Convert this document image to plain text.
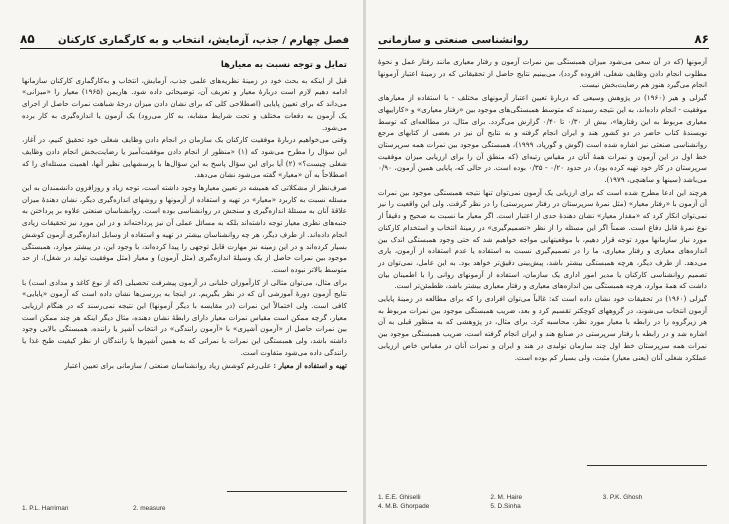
۸۵ فصل چهارم / جذب، آزمایش، انتخاب و به کارگماری کارکنان
تمایل و توجه نسبت به معیارها

قبل از اینکه به بحث خود در زمینهٔ نظریه‌های علمی جذب، آزمایش، انتخاب و به‌کارگماری کارکنان سازمانها ادامه دهیم لازم است دربارهٔ معیار و تعریف آن، توضیحاتی داده شود. هاریمن (۱۹۶۵) معیار را «میزانی» می‌داند که برای تعیین پایایی (اصطلاحی کلی که برای نشان دادن میزان درجهٔ شباهت نمرات حاصل از اجرای یک آزمون به دفعات مختلف و تحت شرایط مشابه، به کار می‌رود) یک آزمون یا اندازه‌گیری به کار برده می‌شود.

وقتی می‌خواهیم دربارهٔ موفقیت کارکنان یک سازمان در انجام دادن وظایف شغلی خود تحقیق کنیم، در آغاز، این سؤال را مطرح می‌شود که (۱) «منظور از انجام دادن موفقیت‌آمیز یا رضایت‌بخش انجام دادن وظایف شغلی چیست؟» (۲) آیا برای این سؤال پاسخ به این سؤال‌ها با پرسشهایی نظیر آنها، اهمیت مسئله‌ای را که اصطلاحاً به آن «معیار» گفته می‌شود نشان می‌دهد.

صرف‌نظر از مشکلاتی که همیشه در تعیین معیارها وجود داشته است، توجه زیاد و روزافزون دانشمندان به این مسئله نسبت به کاربرد «معیار» در تهیه و استفاده از آزمونها و روشهای اندازه‌گیری دیگر، نشان دهندهٔ میزان علاقهٔ آنان به مسئلهٔ اندازه‌گیری و سنجش در روانشناسی بوده است. روانشناسان صنعتی علاوه بر پرداختن به جنبه‌های نظری معیار توجه داشته‌اند بلکه به مسائل عملی آن نیز پرداخته‌اند و در این مورد نیز تحقیقات زیادی انجام داده‌اند. از طرف دیگر، هر چه روانشناسان بیشتر در تهیه و استفاده از وسایل اندازه‌گیری آزمون کوشش بسیار کرده‌اند و در این زمینه نیز مهارت قابل توجهی را پیدا کرده‌اند، با وجود این، در پیشتر موارد، همبستگی موجود بین نمرات حاصل از یک وسیلهٔ اندازه‌گیری (مثل آزمون) و معیار (مثل موفقیت تولید در شغل)، از حد متوسط بالاتر نبوده است.

برای مثال، می‌توان مثالی از کارآموزان خلبانی در آزمون پیشرفت تحصیلی (که از نوع کاغذ و مدادی است) با نتایج آزمون دورهٔ آموزشی آن که در نظر بگیریم. در اینجا به بررسی‌ها نشان داده است که آزمون «پایایی» کافی است. ولی اختمالاً این نمرات (در مقایسه با دیگر آزمونها) این نتیجه نمی‌رسند که در هنگام ارزیابی معیار، گرچه ممکن است مقیاس نمرات معیار دارای رابطهٔ نشان دهنده، مثال دیگر اینکه هر چند ممکن است بین نمرات حاصل از «آزمون آشپزی» با «آزمون رانندگی» در انتخاب آشپز یا راننده، همبستگی بالایی وجود داشته باشد، ولی همبستگی این نمرات با نمراتی که به همین آشپزها یا رانندگان از نظر کیفیت طبخ غذا یا رانندگی داده می‌شود متفاوت است.

تهیه و استفاده از معیار : علی‌رغم کوشش زیاد روانشناسان صنعتی / سازمانی برای تعیین اعتبار

1. P.L. Harriman	2. measure
روانشناسی صنعتی و سازمانی	۸۶

آزمونها (که در آن سعی می‌شود میزان همبستگی بین نمرات آزمون و رفتار معیاری مانند رفتار عمل و نحوهٔ مطلوب انجام دادن وظایف شغلی، افزوده گردد)، می‌بینیم نتایج حاصل از تحقیقاتی که در زمینهٔ اعتبار آزمونها انجام می‌گیرد هنوز هم رضایت‌بخش نیست.

گیزلی و هیر (۱۹۶۰) در پژوهش وسیعی که دربارهٔ تعیین اعتبار آزمونهای مختلف - با استفاده از معیارهای موفقیت - انجام داده‌اند، به این نتیجه رسیدند که متوسط همبستگی‌های موجود بین «رفتار معیاری» و «کاراییهای معیاری مربوط به این رفتارها»، بیش از ۰/۳۰ تا ۰/۴۰ گزارش می‌گردد. برای مثال، در مطالعه‌ای که توسط نویسندهٔ کتاب حاضر در دو کشور هند و ایران انجام گرفته و به نتایج آن نیز در بعضی از کتابهای مرجع روانشناسی صنعتی نیز اشاره شده است (گوش و گورپاد، ۱۹۹۹)، همبستگی موجود بین نمرات همه سرپرستان خط اول در این آزمون و نمرات همهٔ آنان در مقیاس رتبه‌ای (که منطق آن را برای ارزیابی میزان موفقیت سرپرستان در کار خود تهیه کرده بود)، در حدود ۰/۲۰ - ۰/۳۵ بوده است. در حالی که، پایایی همین آزمون، ۰/۹۰ می‌باشد (سینها و ساهنچی، ۱۹۷۹).

هرچند این ادعا مطرح شده است که برای ارزیابی یک آزمون نمی‌توان تنها نتیجه همبستگی موجود بین نمرات آن آزمون با «رفتار معیار» (مثل نمرهٔ سرپرستان در رفتار سرپرستی) را در نظر گرفت. ولی این واقعیت را نیز نمی‌توان انکار کرد که «مقدار معیار» نشان دهندهٔ حدی از اعتبار است. اگر معیار ما نسبت به صحیح و دقیقاً از نوع نمرهٔ قابل دفاع است. ضمناً اگر این مسئله را از نظر «تصمیم‌گیری» در زمینهٔ انتخاب و استخدام کارکنان مورد نیاز سازمانها مورد توجه قرار دهیم، با موقعیتهایی مواجه خواهیم شد که حتی وجود همبستگی اندک بین اندازه‌های معیاری و رفتار معیاری، ما را در تصمیم‌گیری نسبت به استفاده یا عدم استفاده از آزمون، یاری می‌دهد. از طرف دیگر، هرچه همبستگی بیشتر باشد، پیش‌بینی دقیق‌تر خواهد بود. به این عامل، نمی‌توان در تصمیم روانشناسی کارکنان یا مدیر امور اداری یک سازمان، استفاده از آزمونهای روانی را با اطمینان بیان داشت که همهٔ موارد، هرچه همبستگی بین اندازه‌های معیاری و رفتار معیاری بیشتر باشد، ظطمئن‌تر است.

گیزلی (۱۹۶۰) در تحقیقات خود نشان داده است که: غالباً می‌توان افرادی را که برای مطالعه در زمینهٔ پایایی آزمون انتخاب می‌شوند، در گروههای کوچکتر تقسیم کرد و بعد، ضریب همبستگی موجود بین نمرات مربوط به هر زیرگروه را در رابطه با معیار مورد نظر، محاسبه کرد. برای مثال، در پژوهشی که به منظور قبلی به آن اشاره شد و در رابطه با رفتار سرپرستی در صنایع هند و ایران انجام گرفته است، ضریب همبستگی موجود بین نمرات همه سرپرستان خط اول چند سازمان تولیدی در هند و ایران و نمرات آنان در مقیاس خاص ارزیابی عملکرد شغلی آنان (یعنی معیار) مثبت، ولی بسیار کم بوده است.

1. E.E. Ghiselli	2. M. Haire	3. P.K. Ghosh
4. M.B. Ghorpade	5. D.Sinha
